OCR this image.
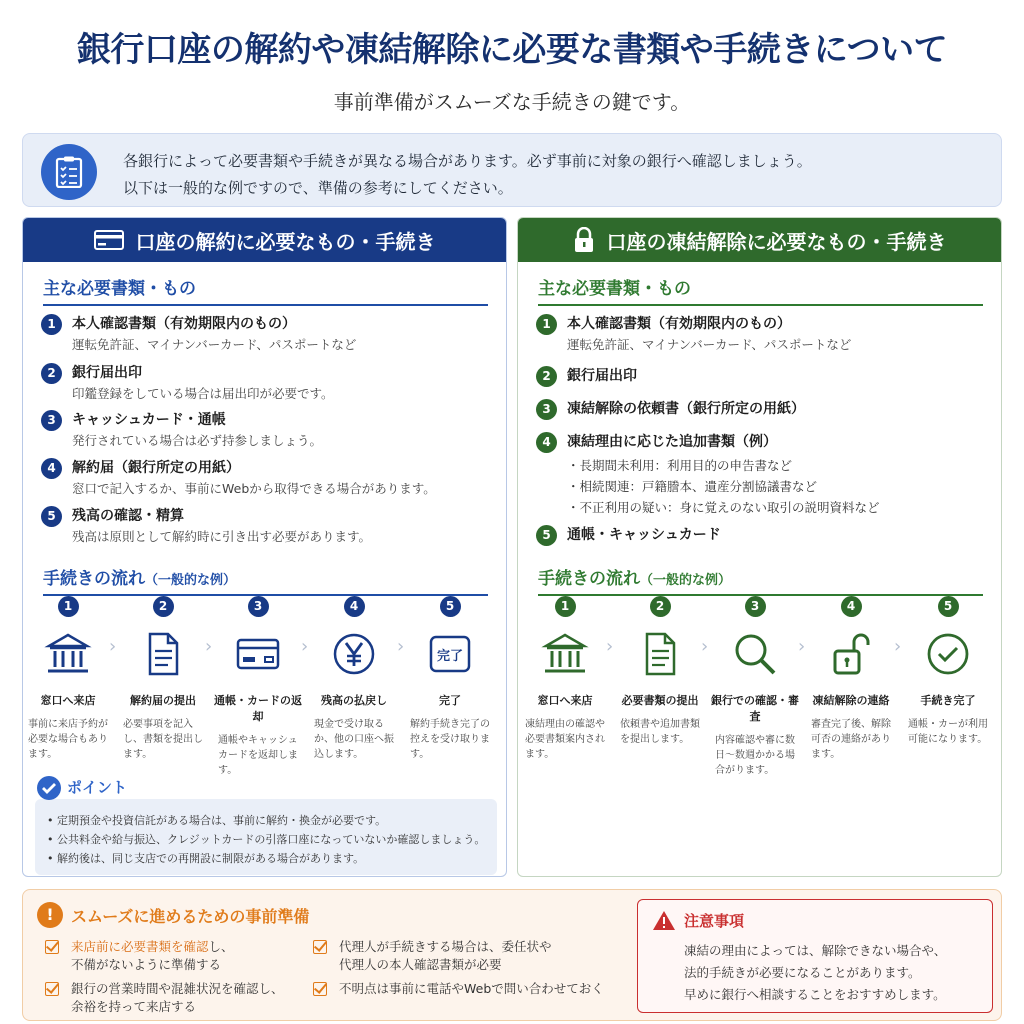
銀行口座の解約や凍結解除に必要な書類や手続きについて
事前準備がスムーズな手続きの鍵です。
各銀行によって必要書類や手続きが異なる場合があります。必ず事前に対象の銀行へ確認しましょう。
以下は一般的な例ですので、準備の参考にしてください。
口座の解約に必要なもの・手続き
主な必要書類・もの
1	本人確認書類（有効期限内のもの）
運転免許証、マイナンバーカード、パスポートなど
2	銀行届出印
印鑑登録をしている場合は届出印が必要です。
3	キャッシュカード・通帳
発行されている場合は必ず持参しましょう。
4	解約届（銀行所定の用紙）
窓口で記入するか、事前にWebから取得できる場合があります。
5	残高の確認・精算
残高は原則として解約時に引き出す必要があります。
手続きの流れ（一般的な例）
1
窓口へ来店
事前に来店予約が必要な場合もあります。
›
2
解約届の提出
必要事項を記入し、書類を提出します。
›
3
通帳・カードの返却
通帳やキャッシュカードを返却します。
›
4
残高の払戻し
現金で受け取るか、他の口座へ振込します。
›
5
完了
完了
解約手続き完了の控えを受け取ります。
• 定期預金や投資信託がある場合は、事前に解約・換金が必要です。
• 公共料金や給与振込、クレジットカードの引落口座になっていないか確認しましょう。
• 解約後は、同じ支店での再開設に制限がある場合があります。
ポイント
口座の凍結解除に必要なもの・手続き
主な必要書類・もの
1	本人確認書類（有効期限内のもの）
運転免許証、マイナンバーカード、パスポートなど
2	銀行届出印
3	凍結解除の依頼書（銀行所定の用紙）
4	凍結理由に応じた追加書類（例）
・長期間未利用：利用目的の申告書など
・相続関連：戸籍謄本、遺産分割協議書など
・不正利用の疑い：身に覚えのない取引の説明資料など
5	通帳・キャッシュカード
手続きの流れ（一般的な例）
1
窓口へ来店
凍結理由の確認や必要書類案内されます。
›
2
必要書類の提出
依頼書や追加書類を提出します。
›
3
銀行での確認・審査
内容確認や審に数日〜数週かかる場合がります。
›
4
凍結解除の連絡
審査完了後、解除可否の連絡があります。
›
5
手続き完了
通帳・カーが利用可能になります。
!	スムーズに進めるための事前準備
来店前に必要書類を確認し、
不備がないように準備する
代理人が手続きする場合は、委任状や
代理人の本人確認書類が必要
銀行の営業時間や混雑状況を確認し、
余裕を持って来店する
不明点は事前に電話やWebで問い合わせておく
注意事項
凍結の理由によっては、解除できない場合や、
法的手続きが必要になることがあります。
早めに銀行へ相談することをおすすめします。
